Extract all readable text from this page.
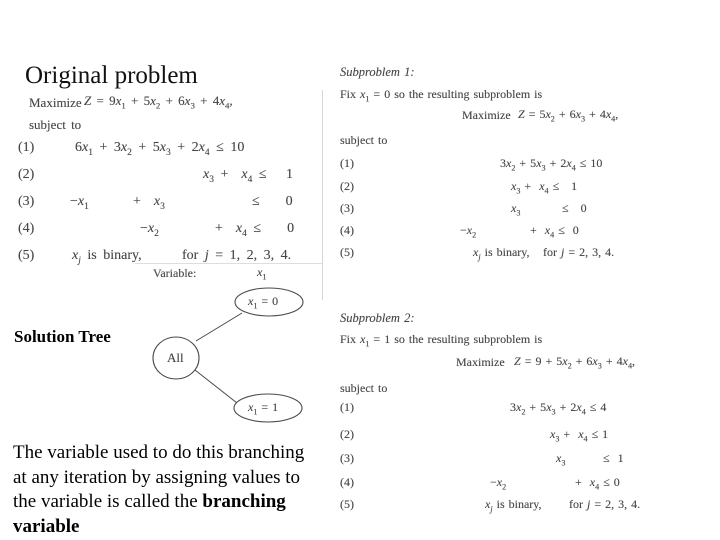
Original problem
Maximize $Z = 9x_1 + 5x_2 + 6x_3 + 4x_4$,
subject to
(1)	$6x_1 + 3x_2 + 5x_3 + 2x_4 \le 10$
(2)	$x_3 + x_4 \le 1$
(3)	$-x_1$	+  $x_3$	≤    0
(4)	$-x_2$	+  $x_4$ ≤    0
(5)	$x_j$ is binary,	for j = 1, 2, 3, 4.
Variable:	$x_1$
All
$x_1 = 0$
$x_1 = 1$
Solution Tree
The variable used to do this branching
at any iteration by assigning values to
the variable is called the branching
variable
Subproblem 1:
Fix $x_1 = 0$ so the resulting subproblem is
Maximize $Z = 5x_2 + 6x_3 + 4x_4$,
subject to
(1)	$3x_2 + 5x_3 + 2x_4 \le 10$
(2)	$x_3 + x_4 \le 1$
(3)	$x_3$	≤   0
(4)	$-x_2$	+  $x_4 \le 0$
(5)	$x_j$ is binary, for j = 2, 3, 4.
Subproblem 2:
Fix $x_1 = 1$ so the resulting subproblem is
Maximize $Z = 9 + 5x_2 + 6x_3 + 4x_4$,
subject to
(1)	$3x_2 + 5x_3 + 2x_4 \le 4$
(2)	$x_3 + x_4 \le 1$
(3)	$x_3$	≤  1
(4)	$-x_2$	+  $x_4 \le 0$
(5)	$x_j$ is binary, for j = 2, 3, 4.
